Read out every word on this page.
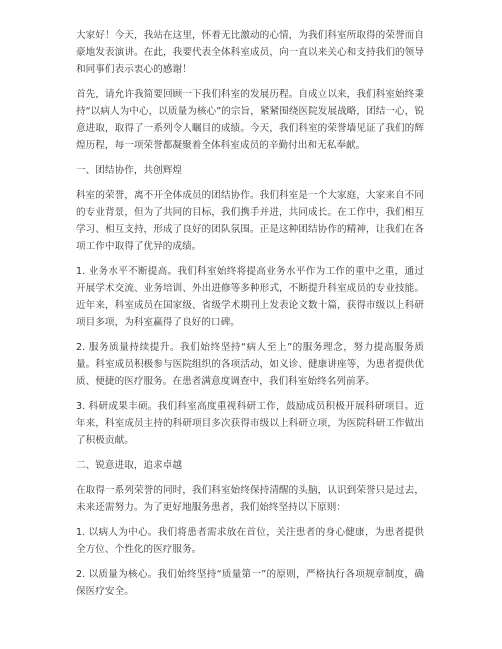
大家好！今天，我站在这里，怀着无比激动的心情，为我们科室所取得的荣誉而自豪地发表演讲。在此，我要代表全体科室成员，向一直以来关心和支持我们的领导和同事们表示衷心的感谢！

首先，请允许我简要回顾一下我们科室的发展历程。自成立以来，我们科室始终秉持“以病人为中心，以质量为核心”的宗旨，紧紧围绕医院发展战略，团结一心，锐意进取，取得了一系列令人瞩目的成绩。今天，我们科室的荣誉墙见证了我们的辉煌历程，每一项荣誉都凝聚着全体科室成员的辛勤付出和无私奉献。

一、团结协作，共创辉煌

科室的荣誉，离不开全体成员的团结协作。我们科室是一个大家庭，大家来自不同的专业背景，但为了共同的目标，我们携手并进，共同成长。在工作中，我们相互学习、相互支持，形成了良好的团队氛围。正是这种团结协作的精神，让我们在各项工作中取得了优异的成绩。

1. 业务水平不断提高。我们科室始终将提高业务水平作为工作的重中之重，通过开展学术交流、业务培训、外出进修等多种形式，不断提升科室成员的专业技能。近年来，科室成员在国家级、省级学术期刊上发表论文数十篇，获得市级以上科研项目多项，为科室赢得了良好的口碑。

2. 服务质量持续提升。我们始终坚持“病人至上”的服务理念，努力提高服务质量。科室成员积极参与医院组织的各项活动，如义诊、健康讲座等，为患者提供优质、便捷的医疗服务。在患者满意度调查中，我们科室始终名列前茅。

3. 科研成果丰硕。我们科室高度重视科研工作，鼓励成员积极开展科研项目。近年来，科室成员主持的科研项目多次获得市级以上科研立项，为医院科研工作做出了积极贡献。

二、锐意进取，追求卓越

在取得一系列荣誉的同时，我们科室始终保持清醒的头脑，认识到荣誉只是过去，未来还需努力。为了更好地服务患者，我们始终坚持以下原则：

1. 以病人为中心。我们将患者需求放在首位，关注患者的身心健康，为患者提供全方位、个性化的医疗服务。

2. 以质量为核心。我们始终坚持“质量第一”的原则，严格执行各项规章制度，确保医疗安全。
